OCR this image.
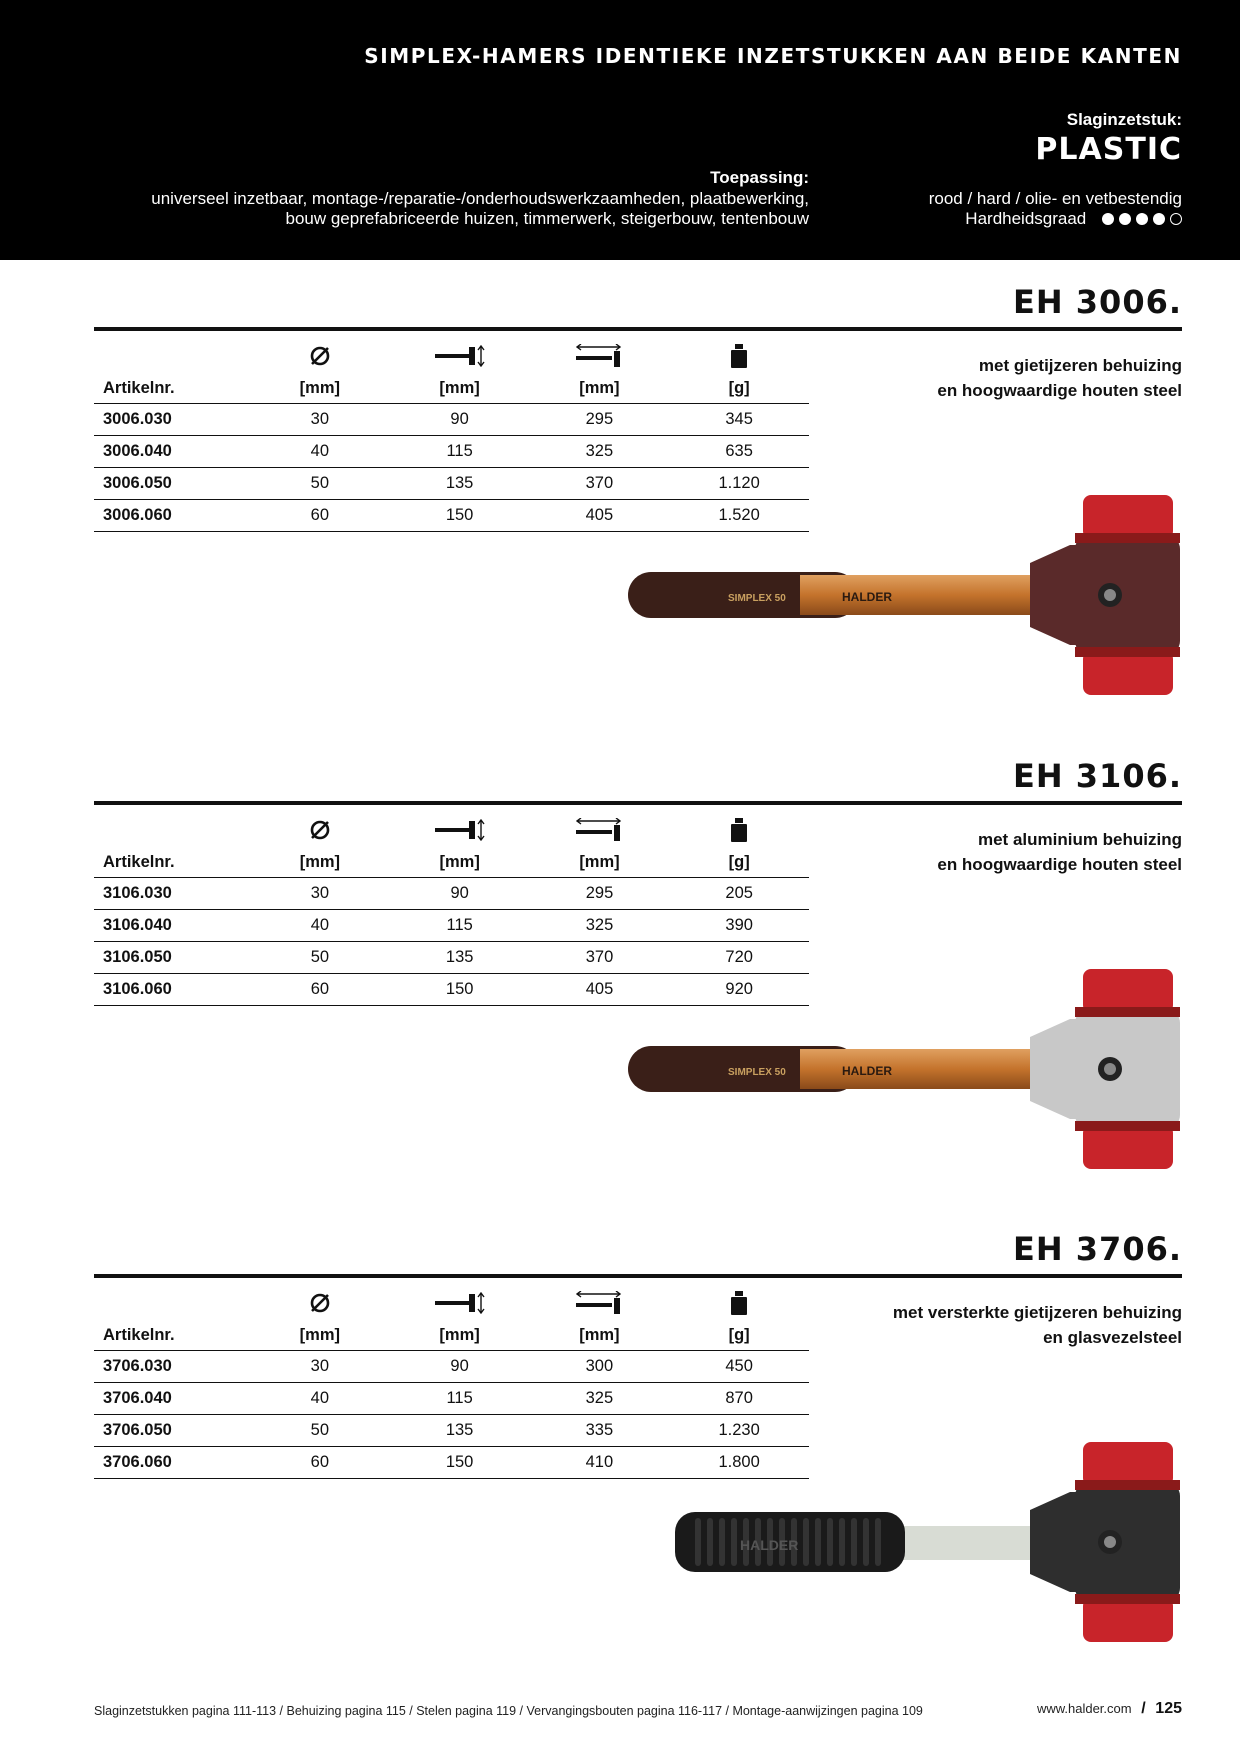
SIMPLEX-HAMERS IDENTIEKE INZETSTUKKEN AAN BEIDE KANTEN
Slaginzetstuk:
PLASTIC
Toepassing:
universeel inzetbaar, montage-/reparatie-/onderhoudswerkzaamheden, plaatbewerking,
bouw geprefabriceerde huizen, timmerwerk, steigerbouw, tentenbouw
rood / hard / olie- en vetbestendig
Hardheidsgraad
EH 3006.
met gietijzeren behuizing
en hoogwaardige houten steel

Artikelnr.	[mm]	[mm]	[mm]	[g]
3006.030	30	90	295	345
3006.040	40	115	325	635
3006.050	50	135	370	1.120
3006.060	60	150	405	1.520
SIMPLEX 50	HALDER
EH 3106.
met aluminium behuizing
en hoogwaardige houten steel

Artikelnr.	[mm]	[mm]	[mm]	[g]
3106.030	30	90	295	205
3106.040	40	115	325	390
3106.050	50	135	370	720
3106.060	60	150	405	920
SIMPLEX 50	HALDER
EH 3706.
met versterkte gietijzeren behuizing
en glasvezelsteel

Artikelnr.	[mm]	[mm]	[mm]	[g]
3706.030	30	90	300	450
3706.040	40	115	325	870
3706.050	50	135	335	1.230
3706.060	60	150	410	1.800
HALDER
Slaginzetstukken pagina 111-113 / Behuizing pagina 115 / Stelen pagina 119 / Vervangingsbouten pagina 116-117 / Montage-aanwijzingen pagina 109	www.halder.com / 125
